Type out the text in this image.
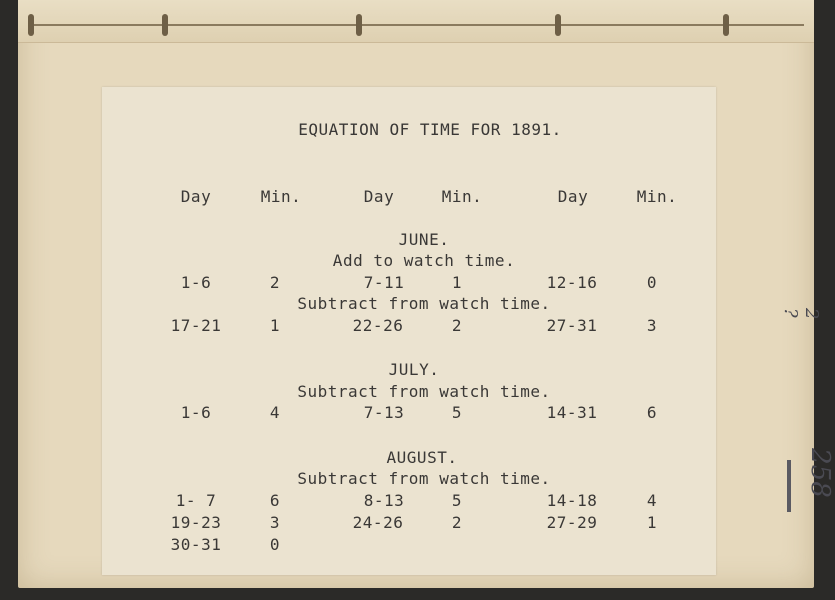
2 ?
258
EQUATION OF TIME FOR 1891.
Day	Min.	Day	Min.	Day	Min.
JUNE.
Add to watch time.
1-6	2	7-11	1	12-16	0
Subtract from watch time.
17-21	1	22-26	2	27-31	3
JULY.
Subtract from watch time.
1-6	4	7-13	5	14-31	6
AUGUST.
Subtract from watch time.
1- 7	6	8-13	5	14-18	4
19-23	3	24-26	2	27-29	1
30-31	0
